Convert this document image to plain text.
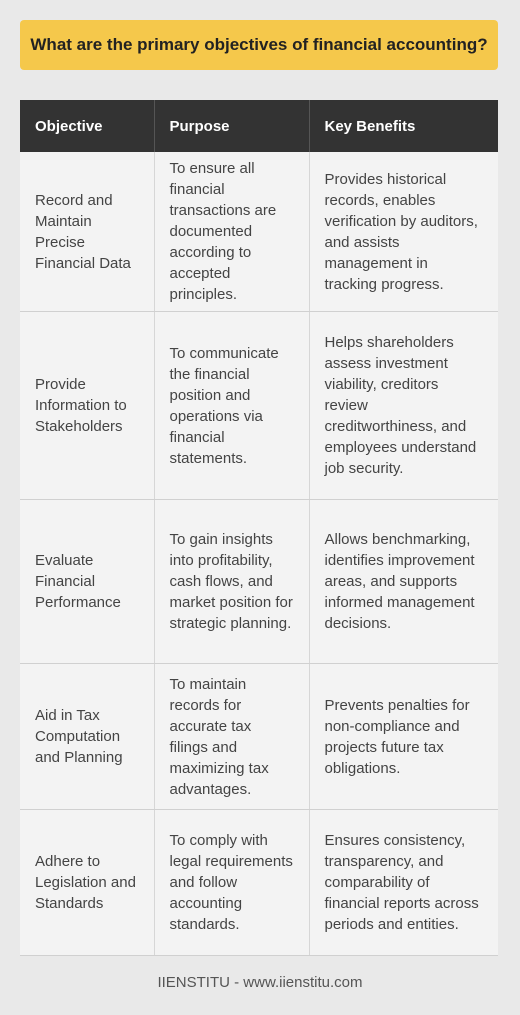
What are the primary objectives of financial accounting?
Objective	Purpose	Key Benefits
Record and Maintain Precise Financial Data	To ensure all financial transactions are documented according to accepted principles.	Provides historical records, enables verification by auditors, and assists management in tracking progress.
Provide Information to Stakeholders	To communicate the financial position and operations via financial statements.	Helps shareholders assess investment viability, creditors review creditworthiness, and employees understand job security.
Evaluate Financial Performance	To gain insights into profitability, cash flows, and market position for strategic planning.	Allows benchmarking, identifies improvement areas, and supports informed management decisions.
Aid in Tax Computation and Planning	To maintain records for accurate tax filings and maximizing tax advantages.	Prevents penalties for non-compliance and projects future tax obligations.
Adhere to Legislation and Standards	To comply with legal requirements and follow accounting standards.	Ensures consistency, transparency, and comparability of financial reports across periods and entities.
IIENSTITU - www.iienstitu.com
